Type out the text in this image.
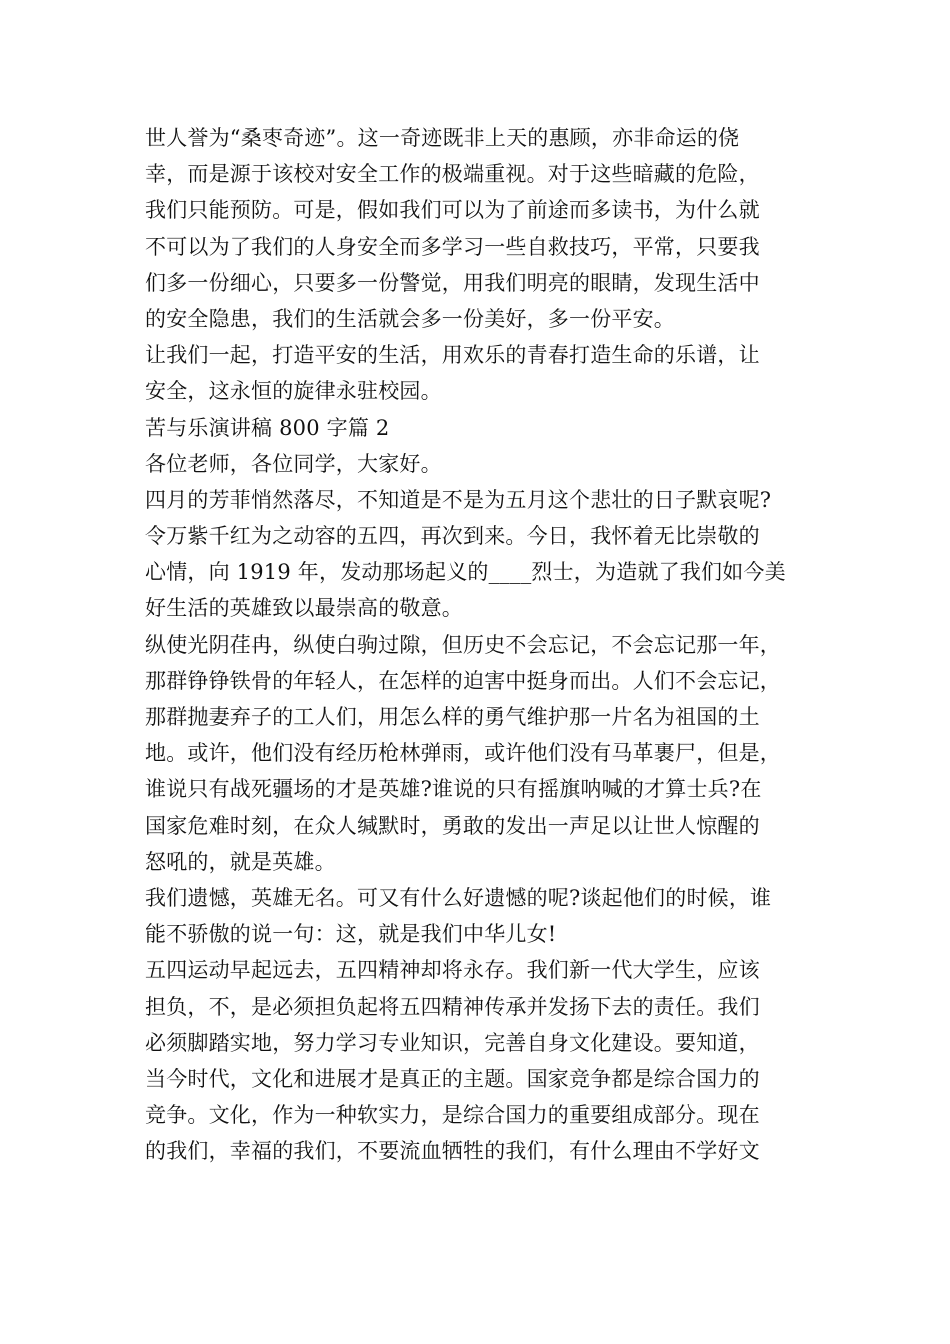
世人誉为“桑枣奇迹”。这一奇迹既非上天的惠顾，亦非命运的侥
幸，而是源于该校对安全工作的极端重视。对于这些暗藏的危险，
我们只能预防。可是，假如我们可以为了前途而多读书，为什么就
不可以为了我们的人身安全而多学习一些自救技巧，平常，只要我
们多一份细心，只要多一份警觉，用我们明亮的眼睛，发现生活中
的安全隐患，我们的生活就会多一份美好，多一份平安。
让我们一起，打造平安的生活，用欢乐的青春打造生命的乐谱，让
安全，这永恒的旋律永驻校园。
苦与乐演讲稿 800 字篇 2
各位老师，各位同学，大家好。
四月的芳菲悄然落尽，不知道是不是为五月这个悲壮的日子默哀呢?
令万紫千红为之动容的五四，再次到来。今日，我怀着无比崇敬的
心情，向 1919 年，发动那场起义的____烈士，为造就了我们如今美
好生活的英雄致以最崇高的敬意。
纵使光阴荏冉，纵使白驹过隙，但历史不会忘记，不会忘记那一年，
那群铮铮铁骨的年轻人，在怎样的迫害中挺身而出。人们不会忘记，
那群抛妻弃子的工人们，用怎么样的勇气维护那一片名为祖国的土
地。或许，他们没有经历枪林弹雨，或许他们没有马革裹尸，但是，
谁说只有战死疆场的才是英雄?谁说的只有摇旗呐喊的才算士兵?在
国家危难时刻，在众人缄默时，勇敢的发出一声足以让世人惊醒的
怒吼的，就是英雄。
我们遗憾，英雄无名。可又有什么好遗憾的呢?谈起他们的时候，谁
能不骄傲的说一句：这，就是我们中华儿女!
五四运动早起远去，五四精神却将永存。我们新一代大学生，应该
担负，不，是必须担负起将五四精神传承并发扬下去的责任。我们
必须脚踏实地，努力学习专业知识，完善自身文化建设。要知道，
当今时代，文化和进展才是真正的主题。国家竞争都是综合国力的
竞争。文化，作为一种软实力，是综合国力的重要组成部分。现在
的我们，幸福的我们，不要流血牺牲的我们，有什么理由不学好文
